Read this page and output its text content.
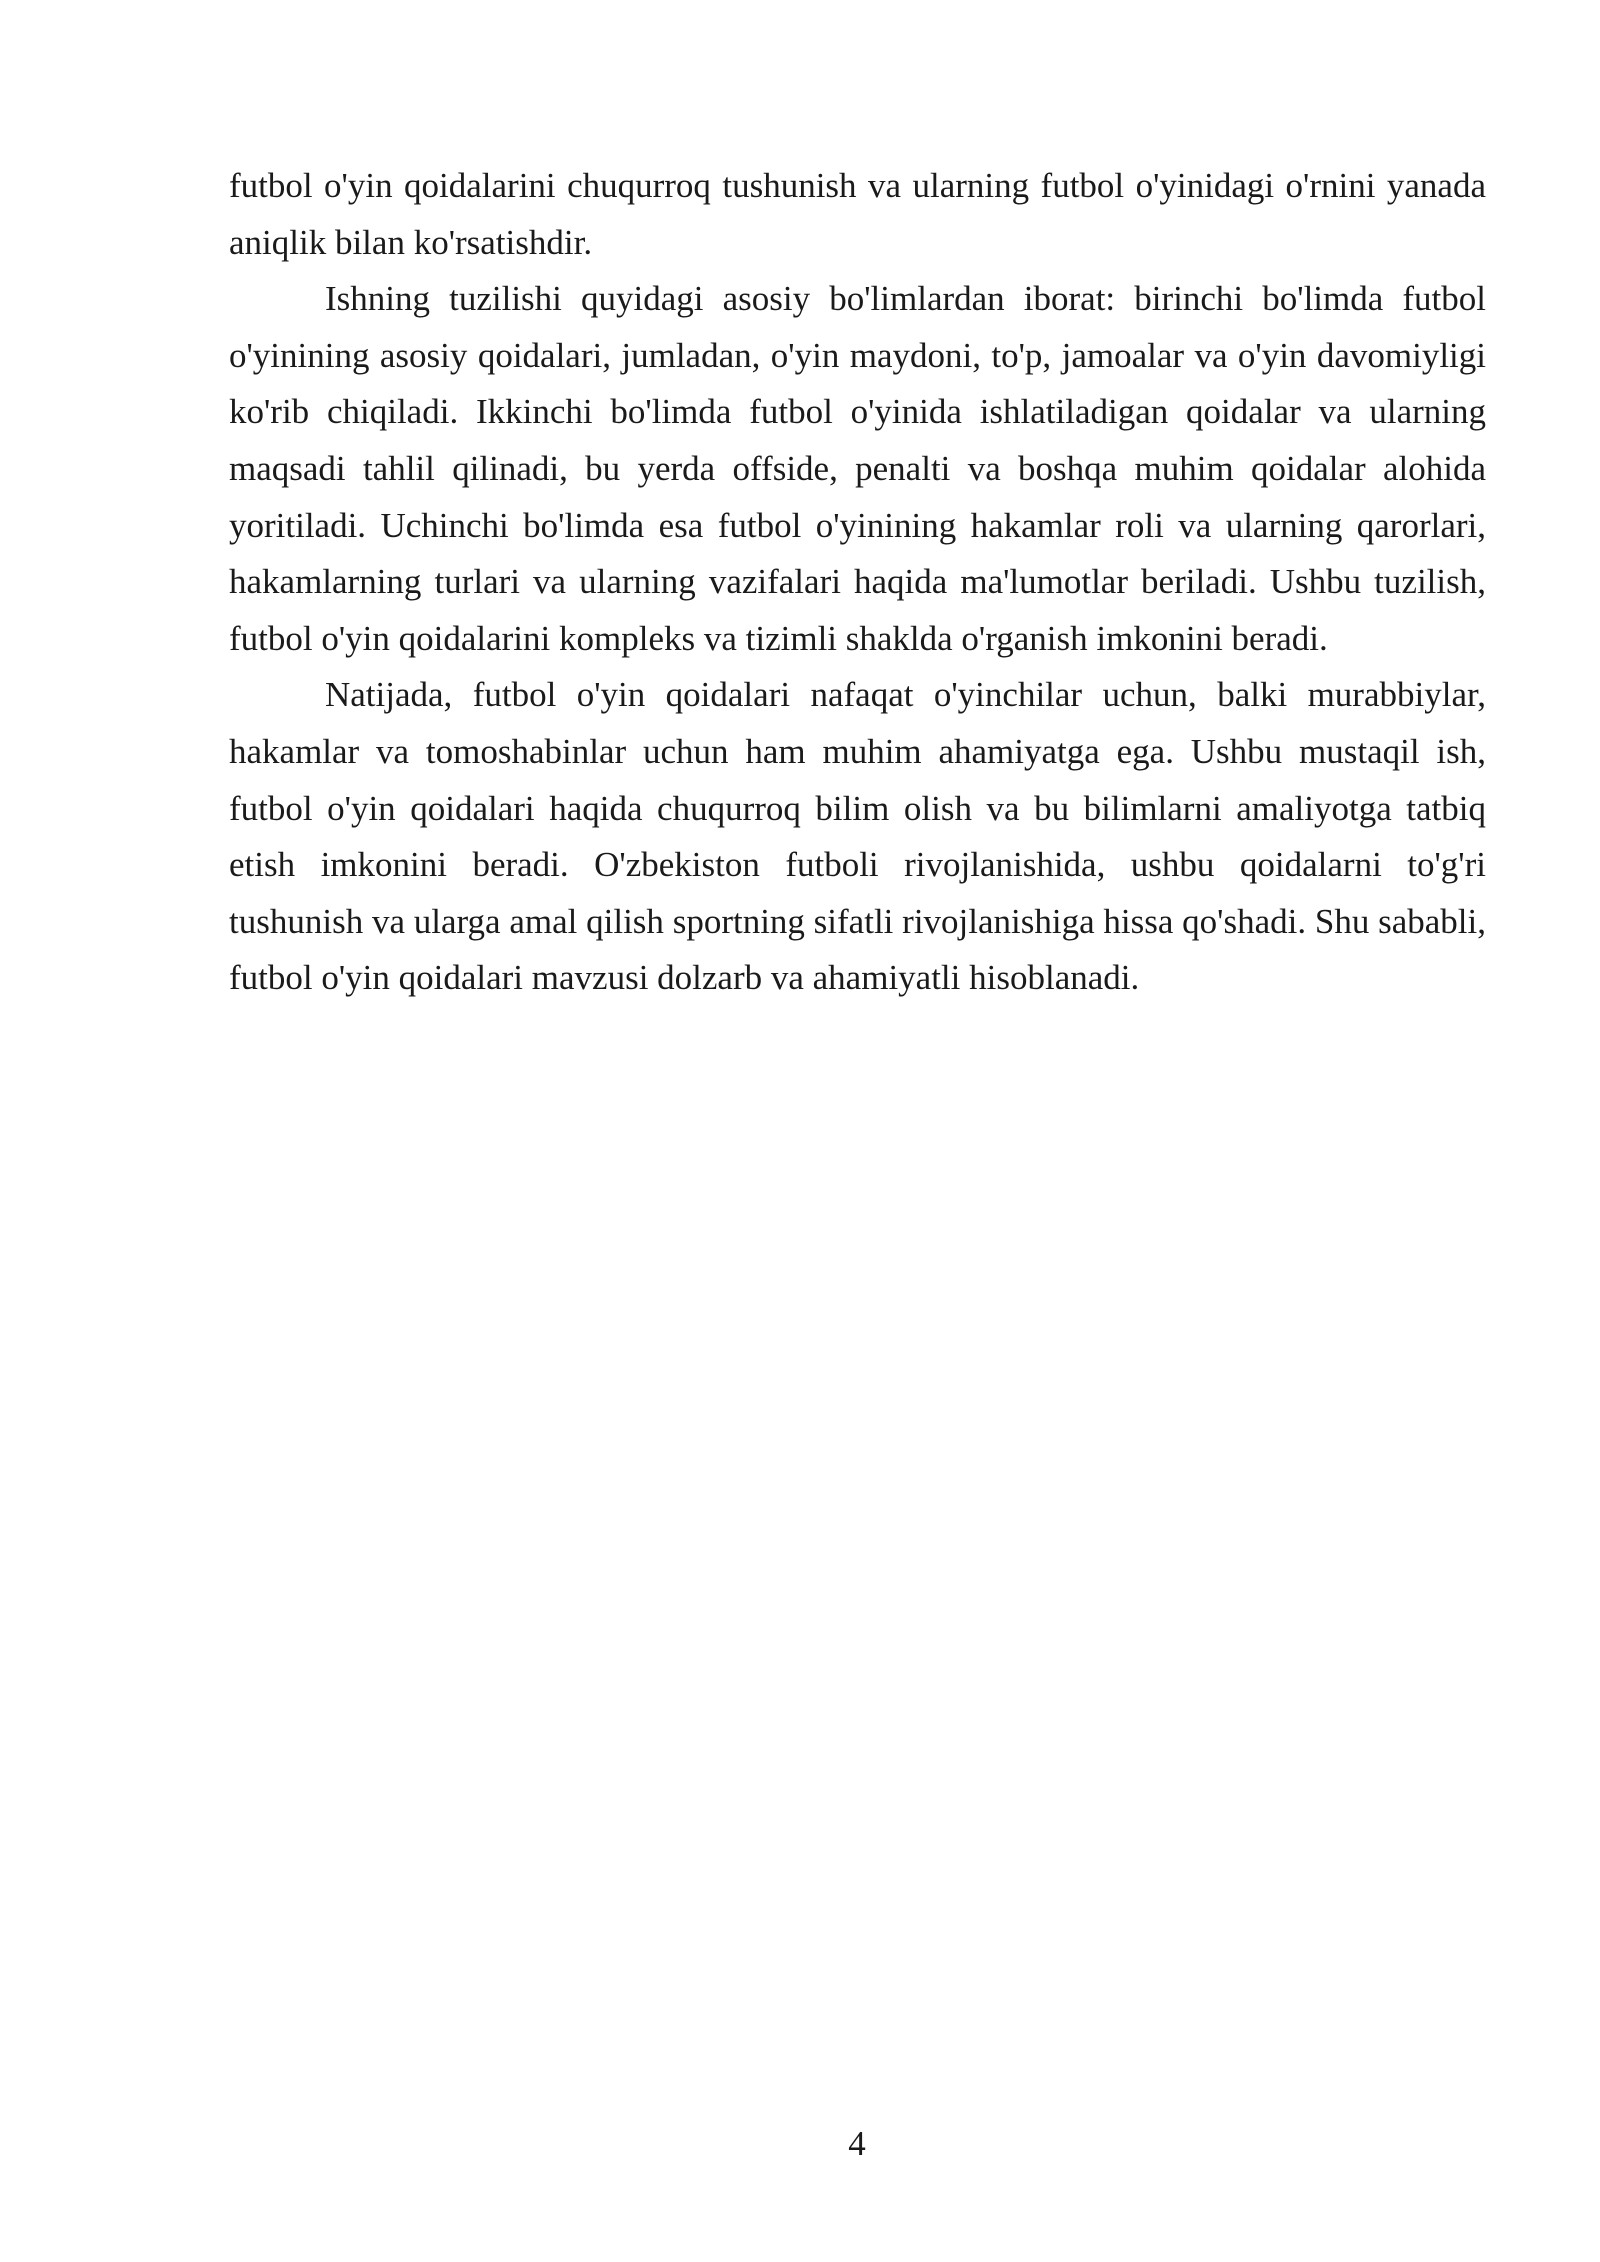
futbol o'yin qoidalarini chuqurroq tushunish va ularning futbol o'yinidagi o'rnini yanada aniqlik bilan ko'rsatishdir.

Ishning tuzilishi quyidagi asosiy bo'limlardan iborat: birinchi bo'limda futbol o'yinining asosiy qoidalari, jumladan, o'yin maydoni, to'p, jamoalar va o'yin davomiyligi ko'rib chiqiladi. Ikkinchi bo'limda futbol o'yinida ishlatiladigan qoidalar va ularning maqsadi tahlil qilinadi, bu yerda offside, penalti va boshqa muhim qoidalar alohida yoritiladi. Uchinchi bo'limda esa futbol o'yinining hakamlar roli va ularning qarorlari, hakamlarning turlari va ularning vazifalari haqida ma'lumotlar beriladi. Ushbu tuzilish, futbol o'yin qoidalarini kompleks va tizimli shaklda o'rganish imkonini beradi.

Natijada, futbol o'yin qoidalari nafaqat o'yinchilar uchun, balki murabbiylar, hakamlar va tomoshabinlar uchun ham muhim ahamiyatga ega. Ushbu mustaqil ish, futbol o'yin qoidalari haqida chuqurroq bilim olish va bu bilimlarni amaliyotga tatbiq etish imkonini beradi. O'zbekiston futboli rivojlanishida, ushbu qoidalarni to'g'ri tushunish va ularga amal qilish sportning sifatli rivojlanishiga hissa qo'shadi. Shu sababli, futbol o'yin qoidalari mavzusi dolzarb va ahamiyatli hisoblanadi.

4
